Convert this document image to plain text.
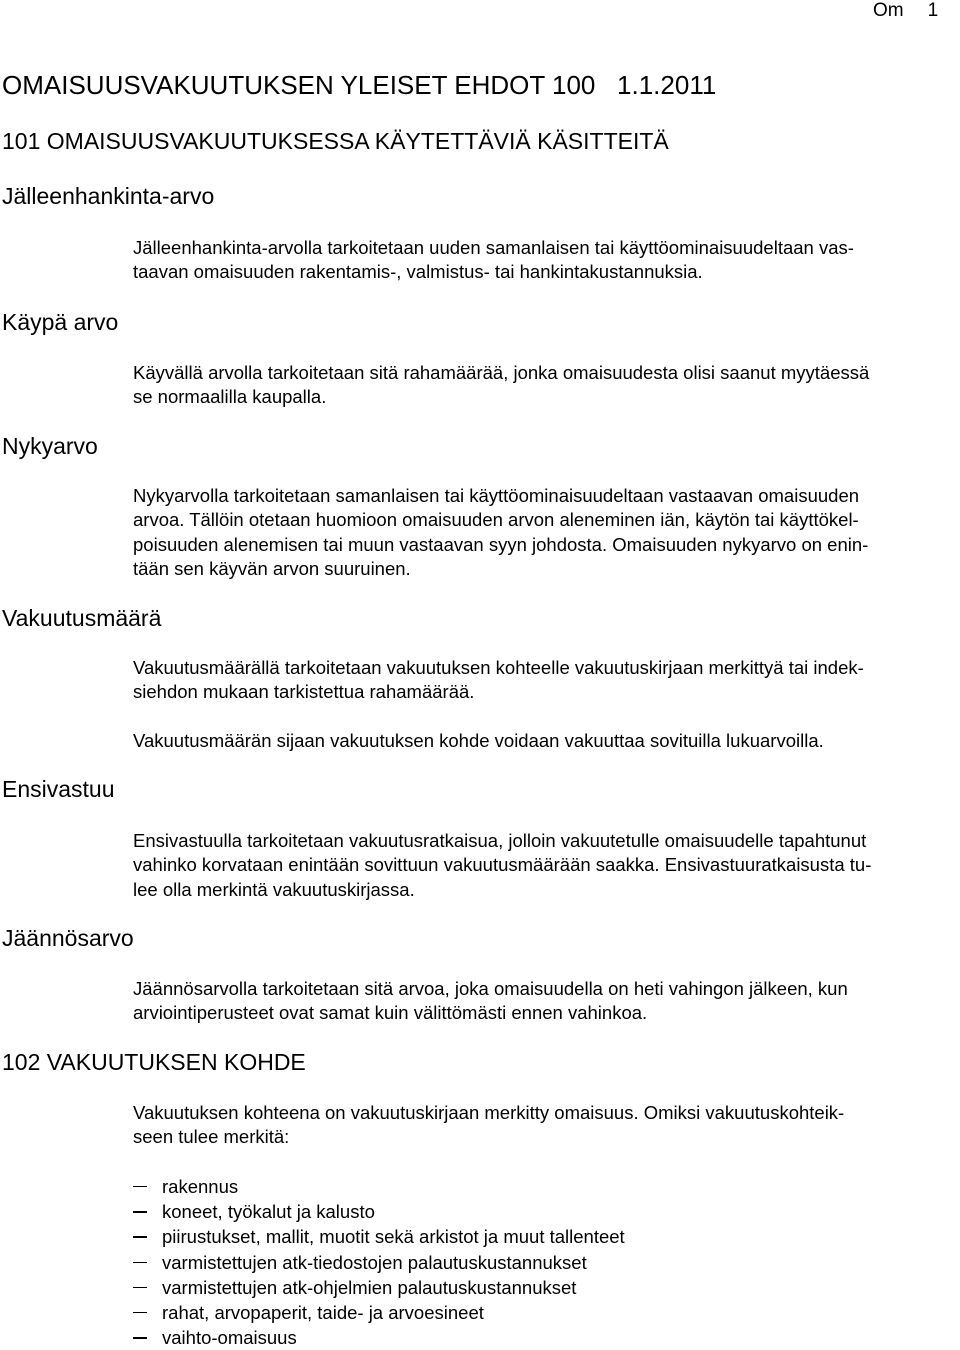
Om 1
OMAISUUSVAKUUTUKSEN YLEISET EHDOT 100   1.1.2011
101 OMAISUUSVAKUUTUKSESSA KÄYTETTÄVIÄ KÄSITTEITÄ
Jälleenhankinta-arvo
Jälleenhankinta-arvolla tarkoitetaan uuden samanlaisen tai käyttöominaisuudeltaan vas-
taavan omaisuuden rakentamis-, valmistus- tai hankintakustannuksia.
Käypä arvo
Käyvällä arvolla tarkoitetaan sitä rahamäärää, jonka omaisuudesta olisi saanut myytäessä
se normaalilla kaupalla.
Nykyarvo
Nykyarvolla tarkoitetaan samanlaisen tai käyttöominaisuudeltaan vastaavan omaisuuden
arvoa. Tällöin otetaan huomioon omaisuuden arvon aleneminen iän, käytön tai käyttökel-
poisuuden alenemisen tai muun vastaavan syyn johdosta. Omaisuuden nykyarvo on enin-
tään sen käyvän arvon suuruinen.
Vakuutusmäärä
Vakuutusmäärällä tarkoitetaan vakuutuksen kohteelle vakuutuskirjaan merkittyä tai indek-
siehdon mukaan tarkistettua rahamäärää.
Vakuutusmäärän sijaan vakuutuksen kohde voidaan vakuuttaa sovituilla lukuarvoilla.
Ensivastuu
Ensivastuulla tarkoitetaan vakuutusratkaisua, jolloin vakuutetulle omaisuudelle tapahtunut
vahinko korvataan enintään sovittuun vakuutusmäärään saakka. Ensivastuuratkaisusta tu-
lee olla merkintä vakuutuskirjassa.
Jäännösarvo
Jäännösarvolla tarkoitetaan sitä arvoa, joka omaisuudella on heti vahingon jälkeen, kun
arviointiperusteet ovat samat kuin välittömästi ennen vahinkoa.
102 VAKUUTUKSEN KOHDE
Vakuutuksen kohteena on vakuutuskirjaan merkitty omaisuus. Omiksi vakuutuskohteik-
seen tulee merkitä:
rakennus
koneet, työkalut ja kalusto
piirustukset, mallit, muotit sekä arkistot ja muut tallenteet
varmistettujen atk-tiedostojen palautuskustannukset
varmistettujen atk-ohjelmien palautuskustannukset
rahat, arvopaperit, taide- ja arvoesineet
vaihto-omaisuus
